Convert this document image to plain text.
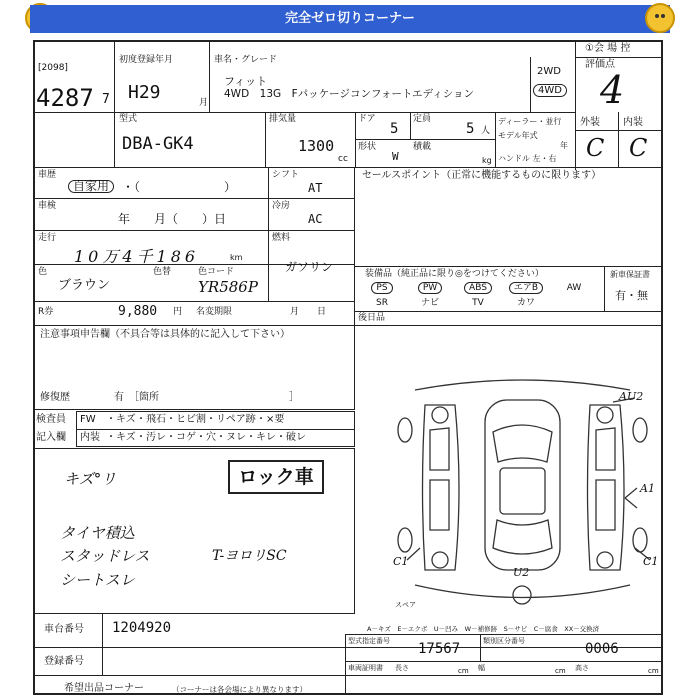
完全ゼロ切りコーナー
①会 場 控
[2098]
4287 7
初度登録年月
H29	月
車名・グレード
フィット
4WD　13G　Fパッケージコンフォートエディション
2WD
4WD
評価点
4
型式
DBA-GK4
排気量
1300
cc
ドア
5
定員
5 人
形状
W
積載
kg
ディーラー・並行
モデル年式
年
ハンドル 左・右
外装 内装
C C
車歴
自家用	・（　　　　　　　）
シフト
AT
車検
年　　月（　　）日
冷房
AC
走行
10万4千186	km
燃料
ガソリン
色
ブラウン
色替	色コード
YR586P
R券	9,880 円 名変期限	月　　日
セールスポイント（正常に機能するものに限ります）
装備品（純正品に限り◎をつけてください）	新車保証書
有・無
後日品
PS	PW	ABS	エアB	AW
SR	ナビ	TV	カワ
注意事項申告欄（不具合等は具体的に記入して下さい）
修復歴	有　［箇所　　　　　　　　　　　　　］
検査員
記入欄
FW ・キズ ・飛石 ・ヒビ割 ・リペア跡 ・×要
内装 ・キズ ・汚レ ・コゲ ・穴 ・ヌレ ・キレ ・破レ
キズ°リ
タイヤ積込
スタッドレス
シートスレ
ロック車
T-ヨロリSC
AU2
A1
C1	C1
U2
スペア
A－キズ　E－エクボ　U－凹み　W－補修跡　S－サビ　C－腐食　XX－交換済
車台番号 1204920
登録番号
型式指定番号 17567	類別区分番号	0006
車両証明書 長さ	cm 幅	cm 高さ	cm
希望出品コーナー	（コーナーは各会場により異なります）
